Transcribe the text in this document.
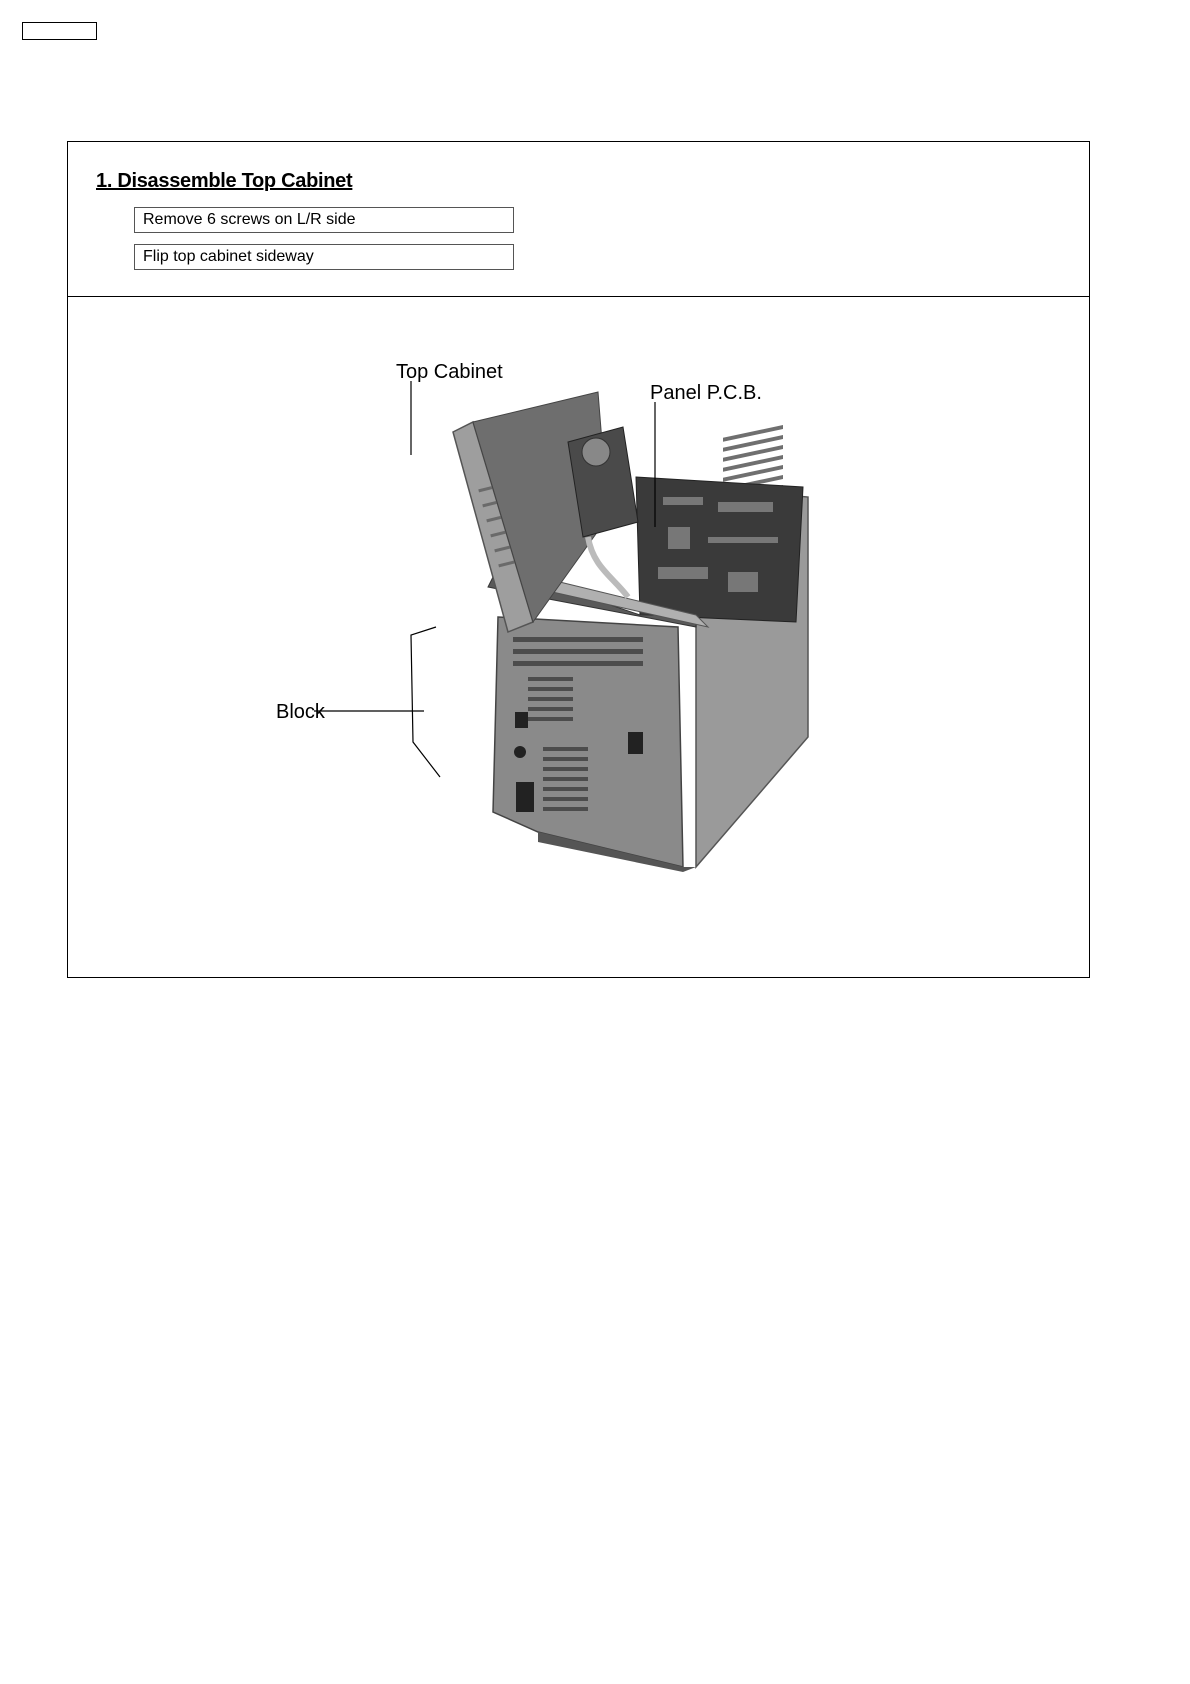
1. Disassemble Top Cabinet
Remove 6 screws on L/R side
Flip top cabinet sideway
Top Cabinet
Panel P.C.B.
Block
